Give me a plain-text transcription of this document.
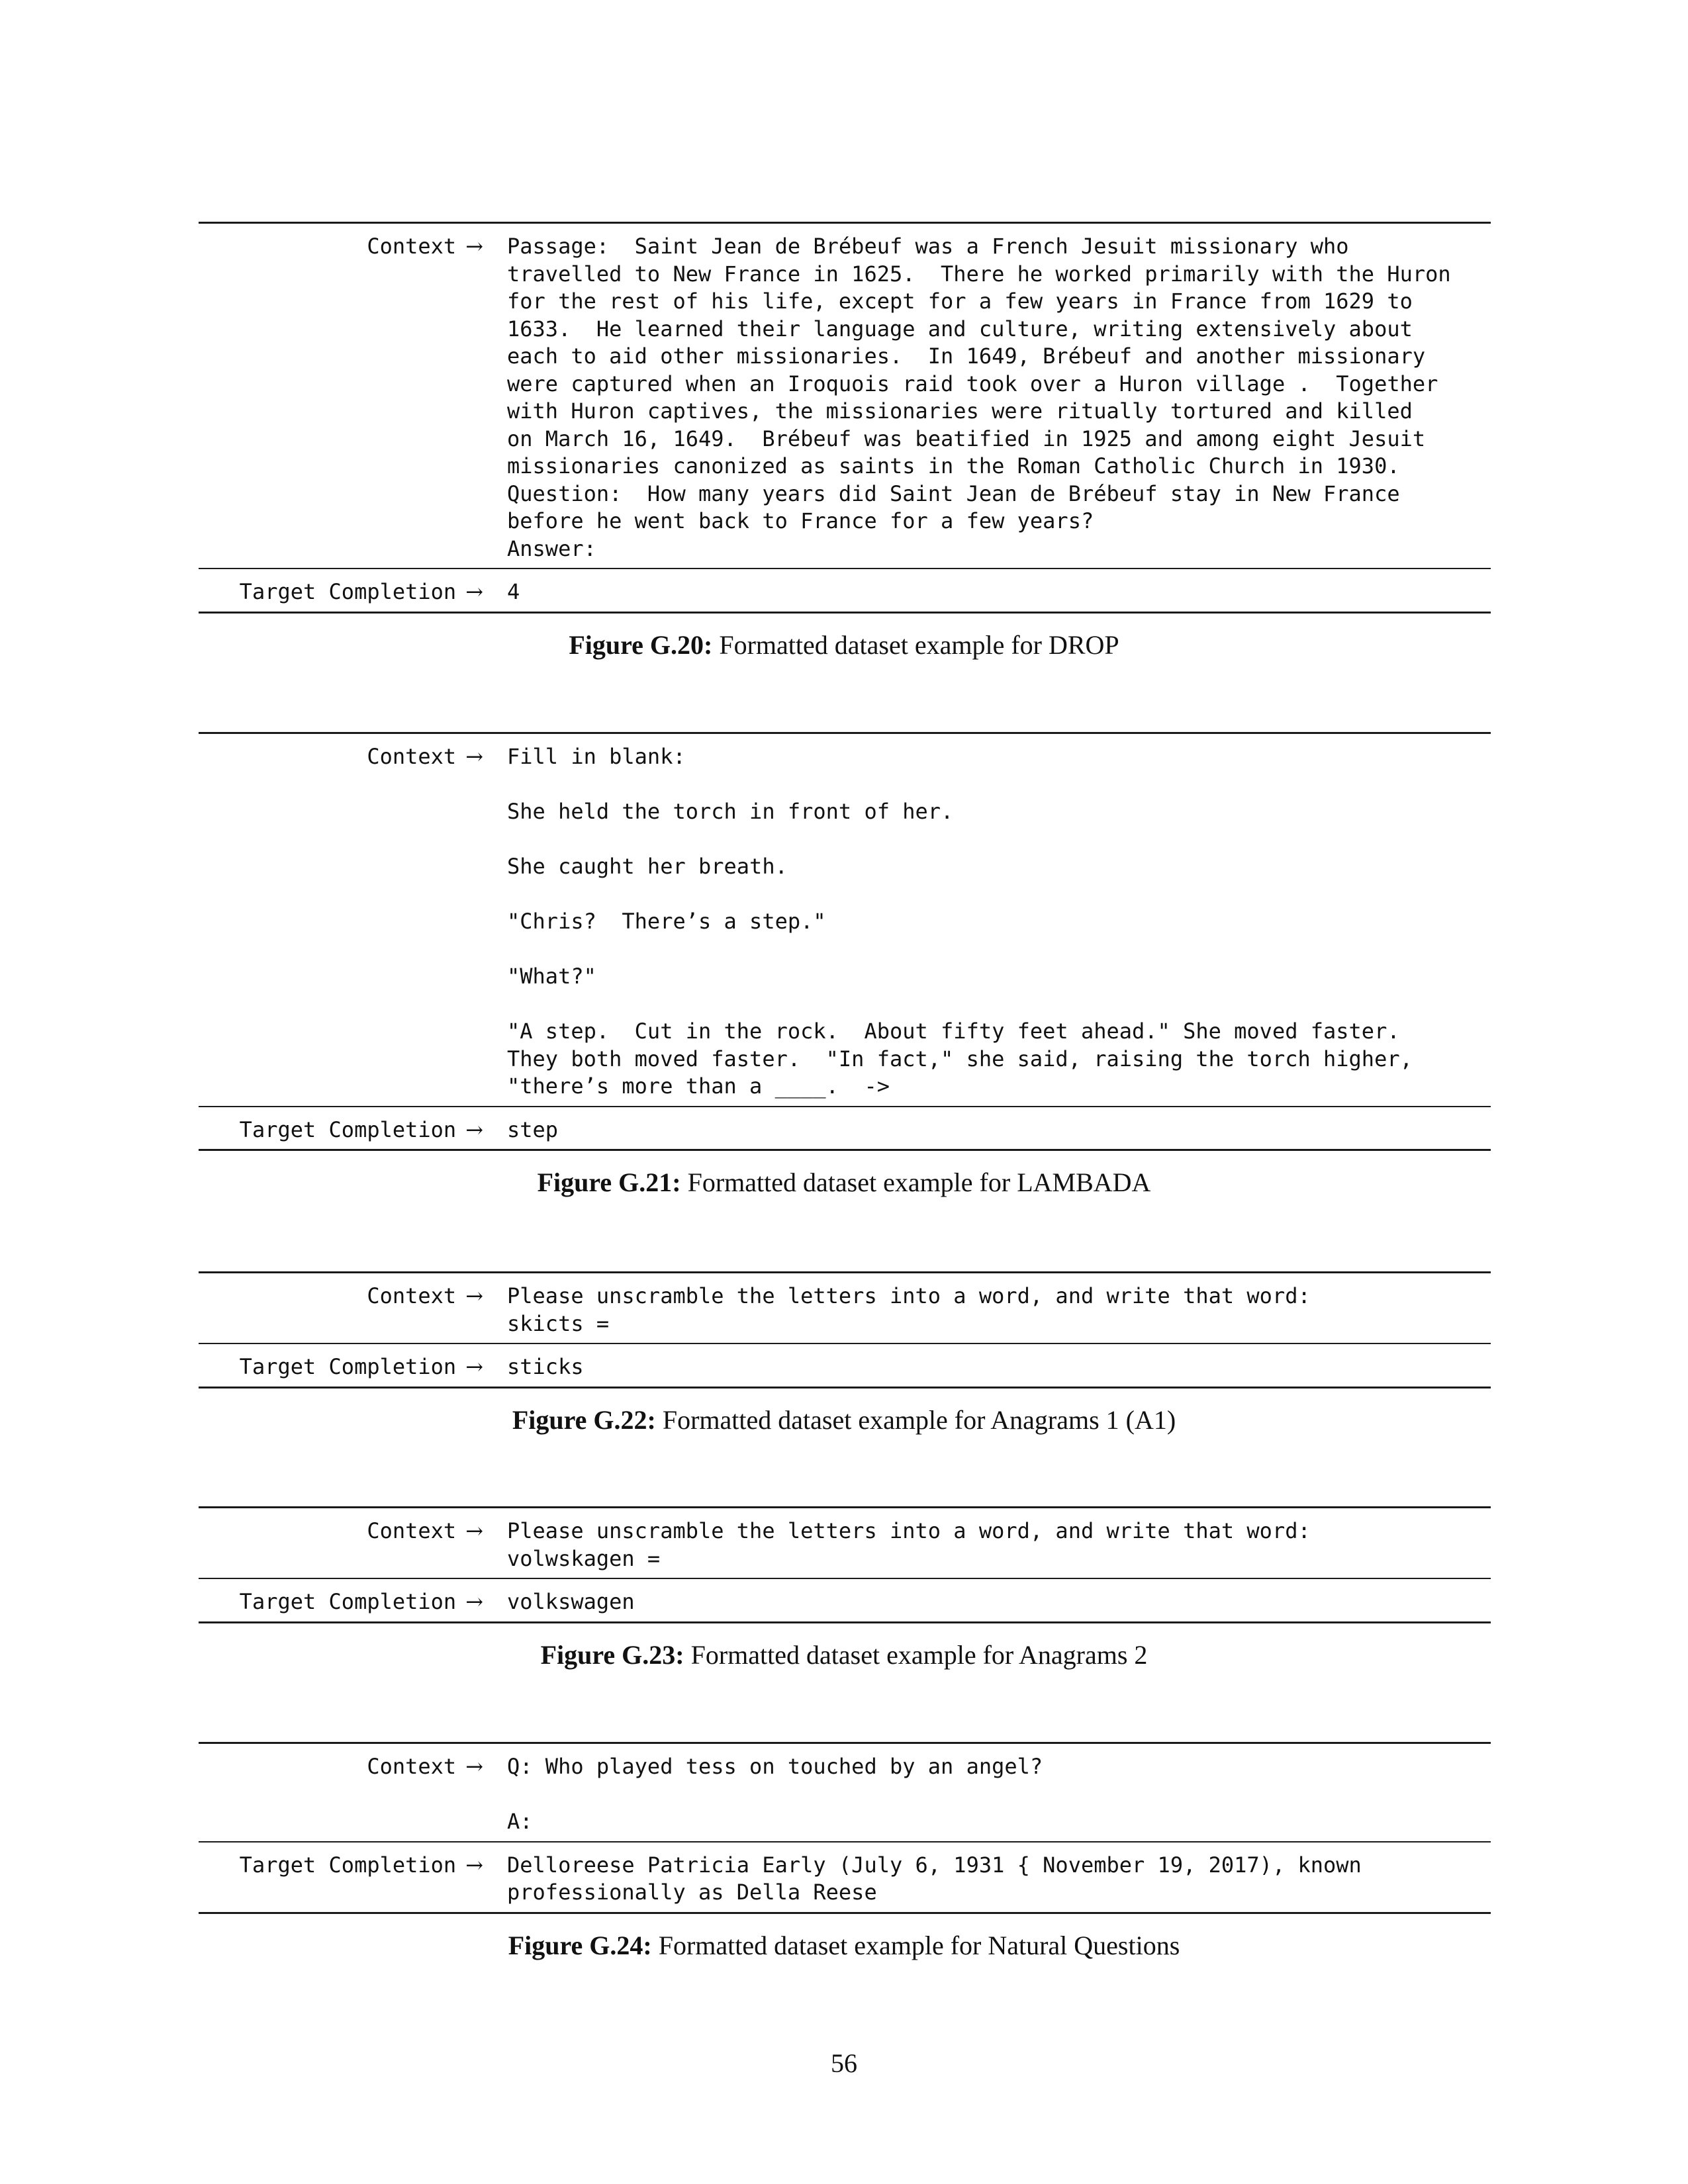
Context → Passage:  Saint Jean de Brébeuf was a French Jesuit missionary who
travelled to New France in 1625.  There he worked primarily with the Huron
for the rest of his life, except for a few years in France from 1629 to
1633.  He learned their language and culture, writing extensively about
each to aid other missionaries.  In 1649, Brébeuf and another missionary
were captured when an Iroquois raid took over a Huron village .  Together
with Huron captives, the missionaries were ritually tortured and killed
on March 16, 1649.  Brébeuf was beatified in 1925 and among eight Jesuit
missionaries canonized as saints in the Roman Catholic Church in 1930.
Question:  How many years did Saint Jean de Brébeuf stay in New France
before he went back to France for a few years?
Answer:
Target Completion → 4
Figure G.20: Formatted dataset example for DROP
Context → Fill in blank:

She held the torch in front of her.

She caught her breath.

"Chris?  There’s a step."

"What?"

"A step.  Cut in the rock.  About fifty feet ahead." She moved faster.
They both moved faster.  "In fact," she said, raising the torch higher,
"there’s more than a ____.  ->
Target Completion → step
Figure G.21: Formatted dataset example for LAMBADA
Context → Please unscramble the letters into a word, and write that word:
skicts =
Target Completion → sticks
Figure G.22: Formatted dataset example for Anagrams 1 (A1)
Context → Please unscramble the letters into a word, and write that word:
volwskagen =
Target Completion → volkswagen
Figure G.23: Formatted dataset example for Anagrams 2
Context → Q: Who played tess on touched by an angel?

A:
Target Completion → Delloreese Patricia Early (July 6, 1931 { November 19, 2017), known
professionally as Della Reese
Figure G.24: Formatted dataset example for Natural Questions
56
